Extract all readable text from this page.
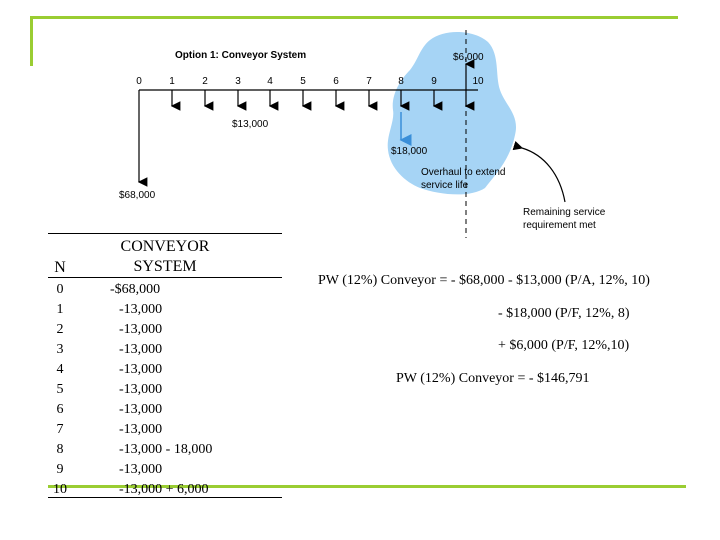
Option 1: Conveyor System
0	1	2	3	4	5	6	7	8	9	10
$68,000
$13,000
$18,000
$6,000
Overhaul to extend
service life
Remaining service
requirement met
N
CONVEYOR
SYSTEM
0	-$68,000
1	-13,000
2	-13,000
3	-13,000
4	-13,000
5	-13,000
6	-13,000
7	-13,000
8	-13,000 - 18,000
9	-13,000
10	-13,000 + 6,000
PW (12%) Conveyor = - $68,000 - $13,000 (P/A, 12%, 10)
- $18,000 (P/F, 12%, 8)
+ $6,000 (P/F, 12%,10)
PW (12%) Conveyor = - $146,791
